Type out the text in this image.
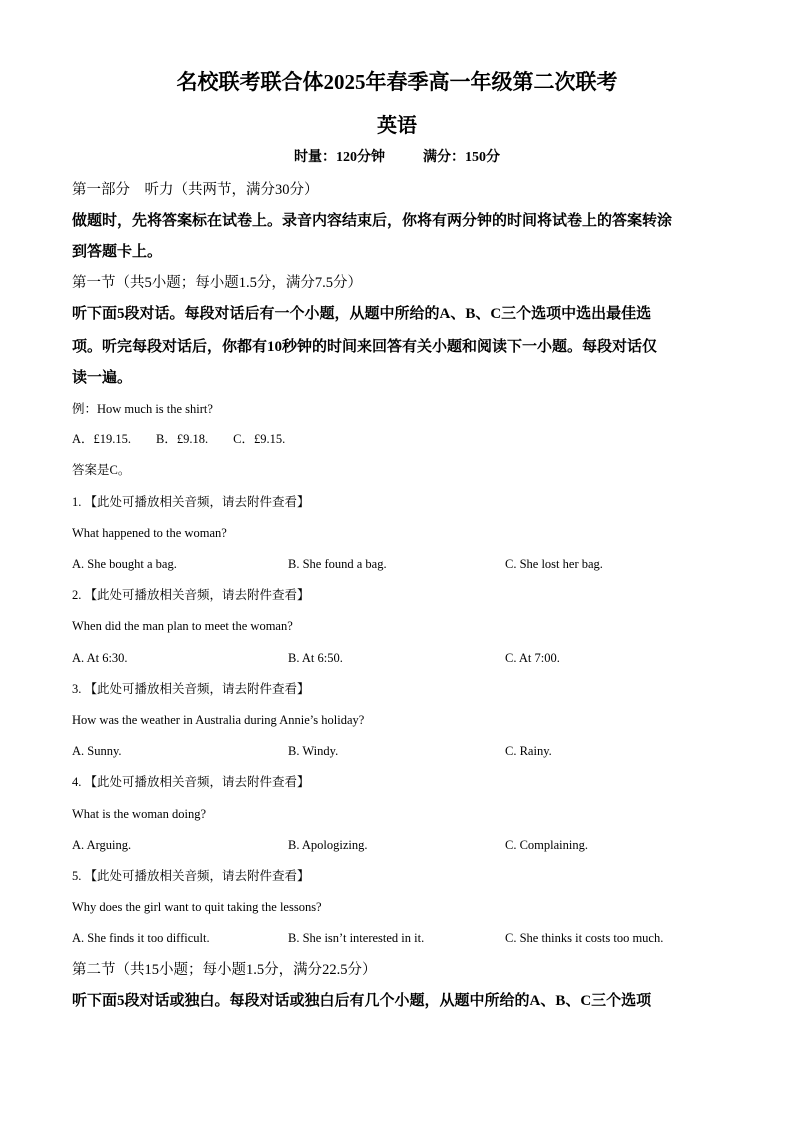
名校联考联合体2025年春季高一年级第二次联考
英语
时量：120分钟	满分：150分
第一部分　听力（共两节，满分30分）
做题时，先将答案标在试卷上。录音内容结束后，你将有两分钟的时间将试卷上的答案转涂
到答题卡上。
第一节（共5小题；每小题1.5分，满分7.5分）
听下面5段对话。每段对话后有一个小题，从题中所给的A、B、C三个选项中选出最佳选
项。听完每段对话后，你都有10秒钟的时间来回答有关小题和阅读下一小题。每段对话仅
读一遍。
例：How much is the shirt?
A．£19.15.　　B．£9.18.　　C．£9.15.
答案是C。
1. 【此处可播放相关音频，请去附件查看】
What happened to the woman?
A. She bought a bag.	B. She found a bag.	C. She lost her bag.
2. 【此处可播放相关音频，请去附件查看】
When did the man plan to meet the woman?
A. At 6:30.	B. At 6:50.	C. At 7:00.
3. 【此处可播放相关音频，请去附件查看】
How was the weather in Australia during Annie’s holiday?
A. Sunny.	B. Windy.	C. Rainy.
4. 【此处可播放相关音频，请去附件查看】
What is the woman doing?
A. Arguing.	B. Apologizing.	C. Complaining.
5. 【此处可播放相关音频，请去附件查看】
Why does the girl want to quit taking the lessons?
A. She finds it too difficult.	B. She isn’t interested in it.	C. She thinks it costs too much.
第二节（共15小题；每小题1.5分，满分22.5分）
听下面5段对话或独白。每段对话或独白后有几个小题，从题中所给的A、B、C三个选项
